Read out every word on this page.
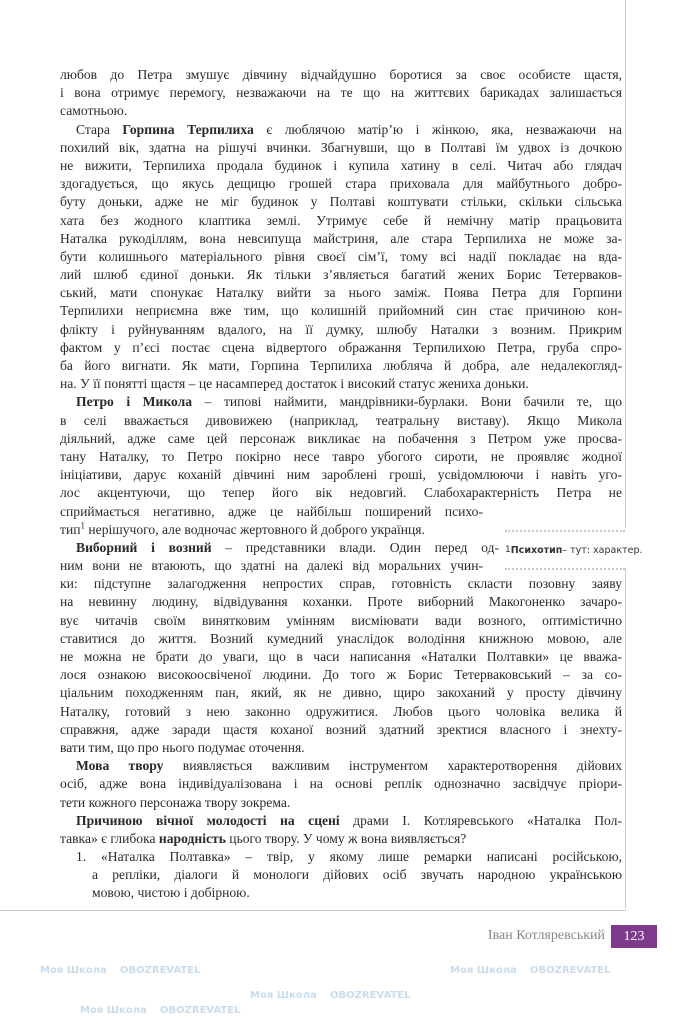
Моя Школа OBOZREVATEL
Моя Школа OBOZREVATEL
Моя Школа OBOZREVATEL
Моя Школа OBOZREVATEL
любов до Петра змушує дівчину відчайдушно боротися за своє особисте щастя,
і вона отримує перемогу, незважаючи на те що на життєвих барикадах залишається
самотньою.
Стара Горпина Терпилиха є люблячою матір’ю і жінкою, яка, незважаючи на
похилий вік, здатна на рішучі вчинки. Збагнувши, що в Полтаві їм удвох із дочкою
не вижити, Терпилиха продала будинок і купила хатину в селі. Читач або глядач
здогадується, що якусь дещицю грошей стара приховала для майбутнього добро-
буту доньки, адже не міг будинок у Полтаві коштувати стільки, скільки сільська
хата без жодного клаптика землі. Утримує себе й немічну матір працьовита
Наталка рукоділлям, вона невсипуща майстриня, але стара Терпилиха не може за-
бути колишнього матеріального рівня своєї сім’ї, тому всі надії покладає на вда-
лий шлюб єдиної доньки. Як тільки з’являється багатий жених Борис Тетерваков-
ський, мати спонукає Наталку вийти за нього заміж. Поява Петра для Горпини
Терпилихи неприємна вже тим, що колишній прийомний син стає причиною кон-
флікту і руйнуванням вдалого, на її думку, шлюбу Наталки з возним. Прикрим
фактом у п’єсі постає сцена відвертого ображання Терпилихою Петра, груба спро-
ба його вигнати. Як мати, Горпина Терпилиха любляча й добра, але недалекогляд-
на. У її понятті щастя – це насамперед достаток і високий статус жениха доньки.
Петро і Микола – типові наймити, мандрівники-бурлаки. Вони бачили те, що
в селі вважається дивовижею (наприклад, театральну виставу). Якщо Микола
діяльний, адже саме цей персонаж викликає на побачення з Петром уже просва-
тану Наталку, то Петро покірно несе тавро убогого сироти, не проявляє жодної
ініціативи, дарує коханій дівчині ним зароблені гроші, усвідомлюючи і навіть уго-
лос акцентуючи, що тепер його вік недовгий. Слабохарактерність Петра не
сприймається негативно, адже це найбільш поширений психо-
тип$^1$ нерішучого, але водночас жертовного й доброго українця.
Виборний і возний – представники влади. Один перед од-
ним вони не втаюють, що здатні на далекі від моральних учин-
ки: підступне залагодження непростих справ, готовність скласти позовну заяву
на невинну людину, відвідування коханки. Проте виборний Макогоненко зачаро-
вує читачів своїм винятковим умінням висміювати вади возного, оптимістично
ставитися до життя. Возний кумедний унаслідок володіння книжною мовою, але
не можна не брати до уваги, що в часи написання «Наталки Полтавки» це вважа-
лося ознакою високоосвіченої людини. До того ж Борис Тетерваковський – за со-
ціальним походженням пан, який, як не дивно, щиро закоханий у просту дівчину
Наталку, готовий з нею законно одружитися. Любов цього чоловіка велика й
справжня, адже заради щастя коханої возний здатний зректися власного і знехту-
вати тим, що про нього подумає оточення.
Мова твору виявляється важливим інструментом характеротворення дійових
осіб, адже вона індивідуалізована і на основі реплік однозначно засвідчує пріори-
тети кожного персонажа твору зокрема.
Причиною вічної молодості на сцені драми І. Котляревського «Наталка Пол-
тавка» є глибока народність цього твору. У чому ж вона виявляється?
1. «Наталка Полтавка» – твір, у якому лише ремарки написані російською,
а репліки, діалоги й монологи дійових осіб звучать народною українською
мовою, чистою і добірною.
1 Психотип – тут: характер.
Іван Котляревський	123
